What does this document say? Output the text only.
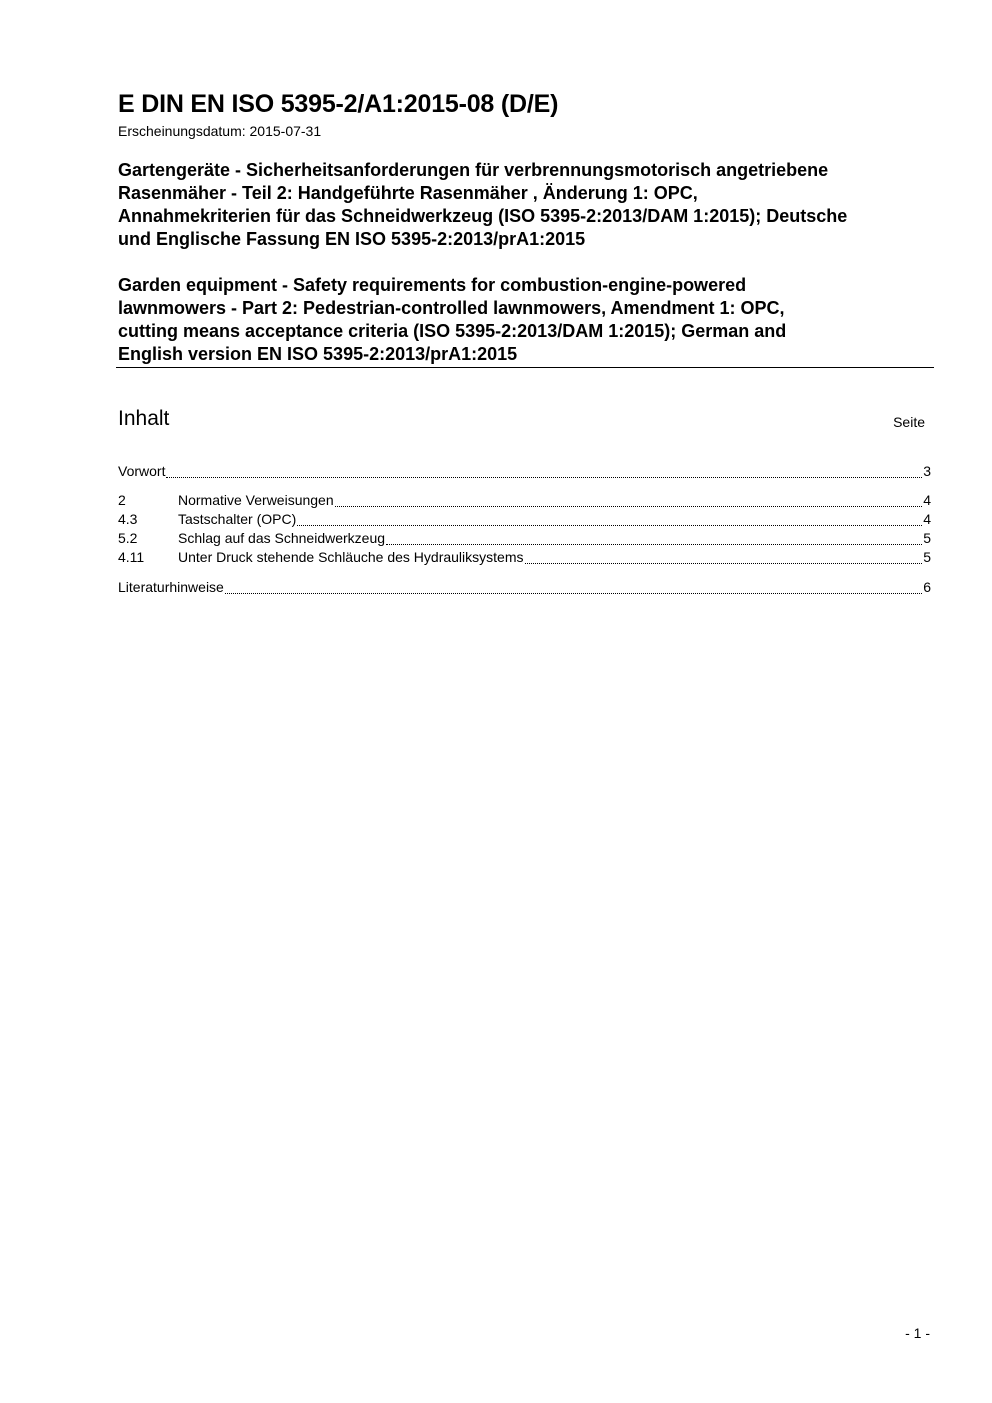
E DIN EN ISO 5395-2/A1:2015-08 (D/E)
Erscheinungsdatum: 2015-07-31
Gartengeräte - Sicherheitsanforderungen für verbrennungsmotorisch angetriebene
Rasenmäher - Teil 2: Handgeführte Rasenmäher , Änderung 1: OPC,
Annahmekriterien für das Schneidwerkzeug (ISO 5395-2:2013/DAM 1:2015); Deutsche
und Englische Fassung EN ISO 5395-2:2013/prA1:2015
Garden equipment - Safety requirements for combustion-engine-powered
lawnmowers - Part 2: Pedestrian-controlled lawnmowers, Amendment 1: OPC,
cutting means acceptance criteria (ISO 5395-2:2013/DAM 1:2015); German and
English version EN ISO 5395-2:2013/prA1:2015
Inhalt	Seite
Vorwort	3
2	Normative Verweisungen	4
4.3	Tastschalter (OPC)	4
5.2	Schlag auf das Schneidwerkzeug	5
4.11	Unter Druck stehende Schläuche des Hydrauliksystems	5
Literaturhinweise	6
- 1 -
